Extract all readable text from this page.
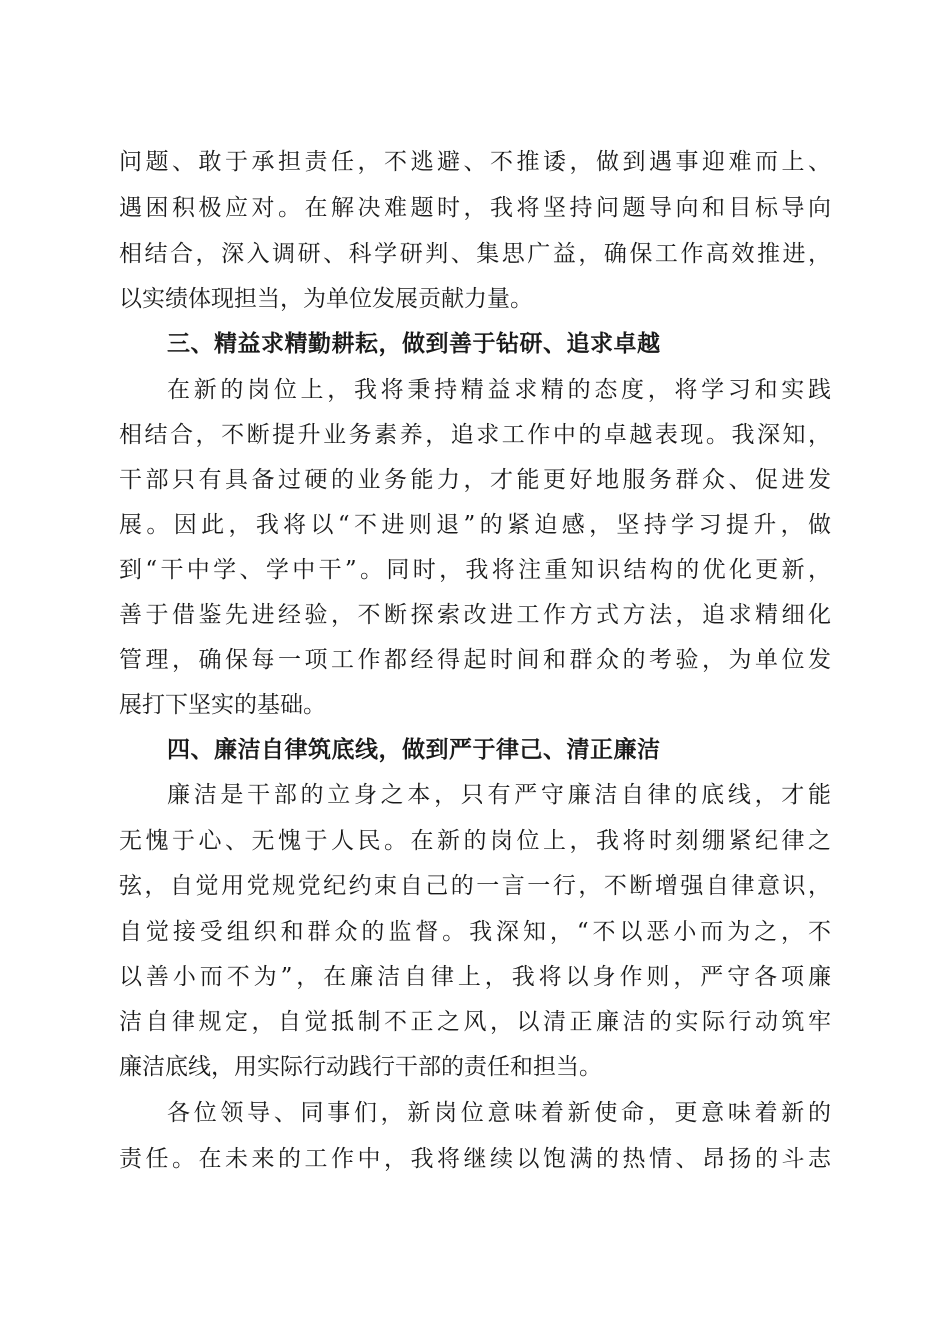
问题、敢于承担责任，不逃避、不推诿，做到遇事迎难而上、
遇困积极应对。在解决难题时，我将坚持问题导向和目标导向
相结合，深入调研、科学研判、集思广益，确保工作高效推进，
以实绩体现担当，为单位发展贡献力量。
三、精益求精勤耕耘，做到善于钻研、追求卓越
在新的岗位上，我将秉持精益求精的态度，将学习和实践
相结合，不断提升业务素养，追求工作中的卓越表现。我深知，
干部只有具备过硬的业务能力，才能更好地服务群众、促进发
展。因此，我将以“不进则退”的紧迫感，坚持学习提升，做
到“干中学、学中干”。同时，我将注重知识结构的优化更新，
善于借鉴先进经验，不断探索改进工作方式方法，追求精细化
管理，确保每一项工作都经得起时间和群众的考验，为单位发
展打下坚实的基础。
四、廉洁自律筑底线，做到严于律己、清正廉洁
廉洁是干部的立身之本，只有严守廉洁自律的底线，才能
无愧于心、无愧于人民。在新的岗位上，我将时刻绷紧纪律之
弦，自觉用党规党纪约束自己的一言一行，不断增强自律意识，
自觉接受组织和群众的监督。我深知，“不以恶小而为之，不
以善小而不为”，在廉洁自律上，我将以身作则，严守各项廉
洁自律规定，自觉抵制不正之风，以清正廉洁的实际行动筑牢
廉洁底线，用实际行动践行干部的责任和担当。
各位领导、同事们，新岗位意味着新使命，更意味着新的
责任。在未来的工作中，我将继续以饱满的热情、昂扬的斗志
